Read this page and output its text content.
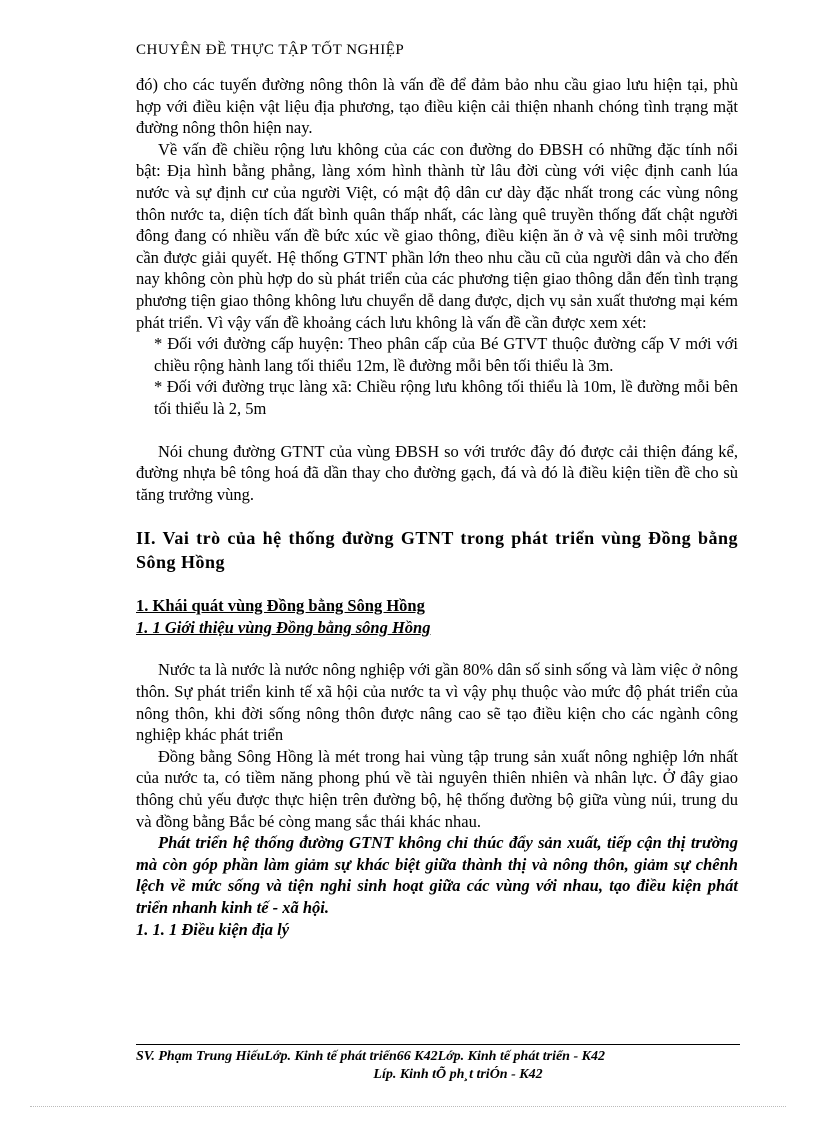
CHUYÊN ĐỀ THỰC TẬP TỐT NGHIỆP

đó) cho các tuyến đường nông thôn là vấn đề để đảm bảo nhu cầu giao lưu hiện tại, phù hợp với điều kiện vật liệu địa phương, tạo điều kiện cải thiện nhanh chóng tình trạng mặt đường nông thôn hiện nay.

Về vấn đề chiều rộng lưu không của các con đường do ĐBSH có những đặc tính nổi bật: Địa hình bằng phẳng, làng xóm hình thành từ lâu đời cùng với việc định canh lúa nước và sự định cư của người Việt, có mật độ dân cư dày đặc nhất trong các vùng nông thôn nước ta, diện tích đất bình quân thấp nhất, các làng quê truyền thống đất chật người đông đang có nhiều vấn đề bức xúc về giao thông, điều kiện ăn ở và vệ sinh môi trường cần được giải quyết. Hệ thống GTNT phần lớn theo nhu cầu cũ của người dân và cho đến nay không còn phù hợp do sù phát triển của các phương tiện giao thông dẫn đến tình trạng phương tiện giao thông không lưu chuyển dễ dang được, dịch vụ sản xuất thương mại kém phát triển. Vì vậy vấn đề khoảng cách lưu không là vấn đề cần được xem xét:

* Đối với đường cấp huyện: Theo phân cấp của Bé GTVT thuộc đường cấp V mới với chiều rộng hành lang tối thiểu 12m, lề đường mỗi bên tối thiểu là 3m.

* Đối với đường trục làng xã: Chiều rộng lưu không tối thiểu là 10m, lề đường mỗi bên tối thiểu là 2, 5m

Nói chung đường GTNT của vùng ĐBSH so với trước đây đó được cải thiện đáng kể, đường nhựa bê tông hoá đã dần thay cho đường gạch, đá và đó là điều kiện tiền đề cho sù tăng trưởng vùng.

II. Vai trò của hệ thống đường GTNT trong phát triển vùng Đồng bằng Sông Hồng

1. Khái quát vùng Đồng bằng Sông Hồng

1. 1 Giới thiệu vùng Đồng bằng sông Hồng

Nước ta là nước là nước nông nghiệp với gần 80% dân số sinh sống và làm việc ở nông thôn. Sự phát triển kinh tế xã hội của nước ta vì vậy phụ thuộc vào mức độ phát triển của nông thôn, khi đời sống nông thôn được nâng cao sẽ tạo điều kiện cho các ngành công nghiệp khác phát triển

Đồng bằng Sông Hồng là mét trong hai vùng tập trung sản xuất nông nghiệp lớn nhất của nước ta, có tiềm năng phong phú về tài nguyên thiên nhiên và nhân lực. Ở đây giao thông chủ yếu được thực hiện trên đường bộ, hệ thống đường bộ giữa vùng núi, trung du và đồng bằng Bắc bé còng mang sắc thái khác nhau.

Phát triển hệ thống đường GTNT không chỉ thúc đẩy sản xuất, tiếp cận thị trường mà còn góp phần làm giảm sự khác biệt giữa thành thị và nông thôn, giảm sự chênh lệch về mức sống và tiện nghi sinh hoạt giữa các vùng với nhau, tạo điều kiện phát triển nhanh kinh tế - xã hội.

1. 1. 1 Điều kiện địa lý

SV. Phạm Trung HiếuLớp. Kinh tế phát triển66 K42Lớp. Kinh tế phát triển - K42
Líp. Kinh tÕ ph¸t triÓn - K42
